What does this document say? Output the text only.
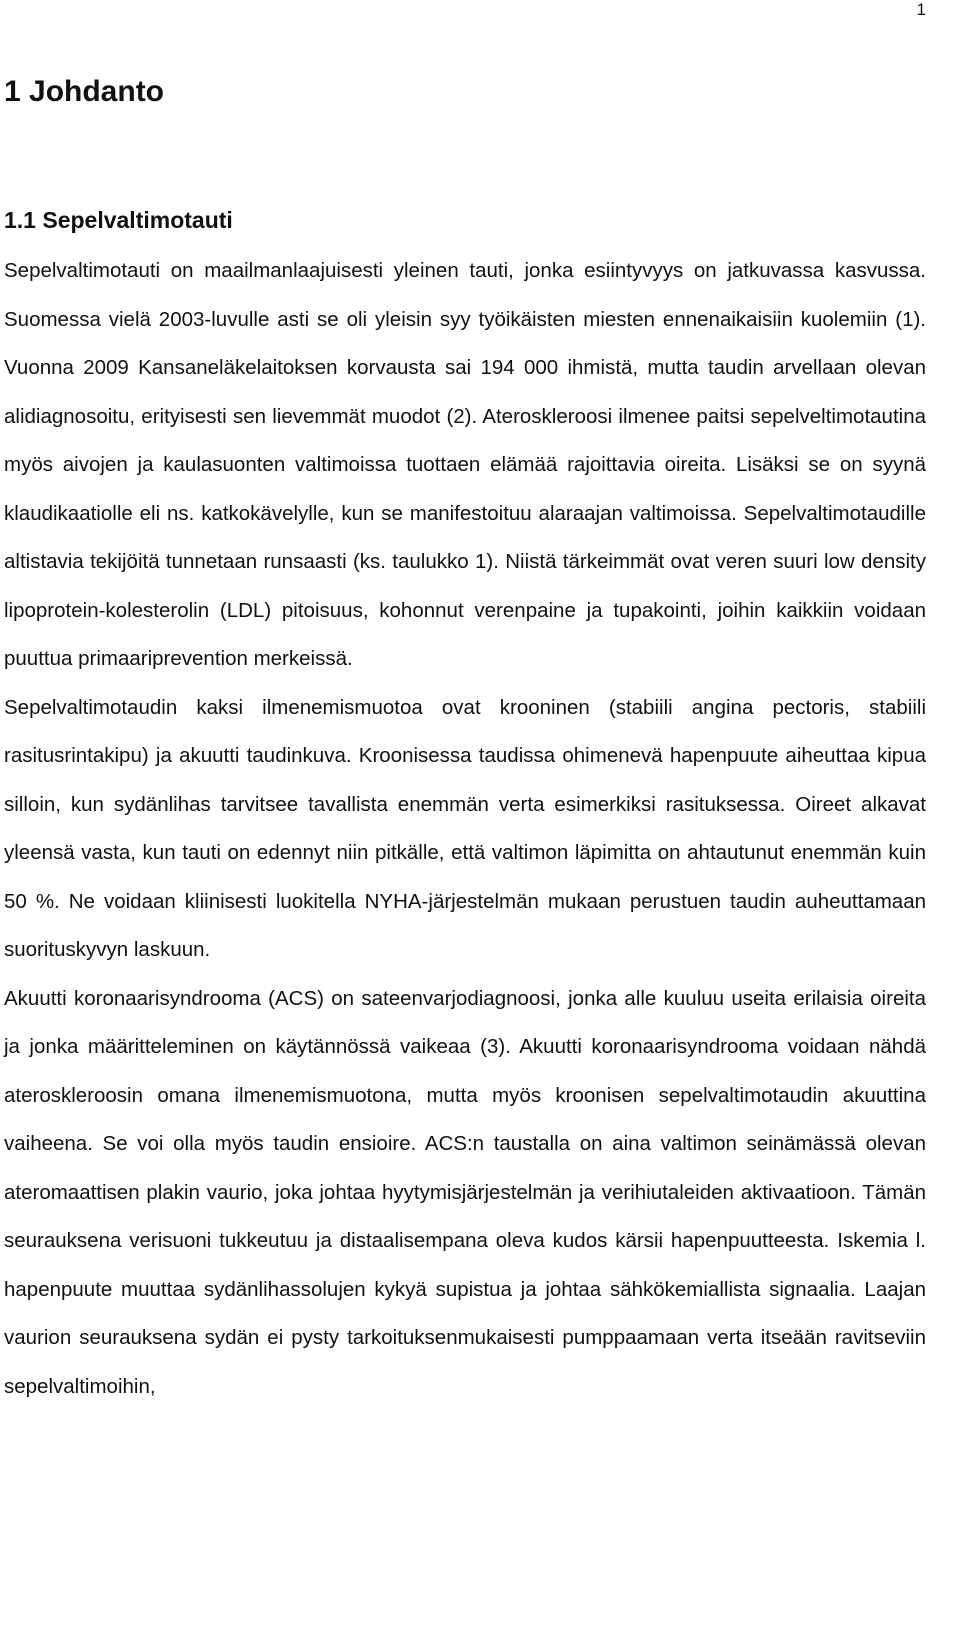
1
1 Johdanto
1.1 Sepelvaltimotauti

Sepelvaltimotauti on maailmanlaajuisesti yleinen tauti, jonka esiintyvyys on jatkuvassa kasvussa. Suomessa vielä 2003-luvulle asti se oli yleisin syy työikäisten miesten ennenaikaisiin kuolemiin (1). Vuonna 2009 Kansaneläkelaitoksen korvausta sai 194 000 ihmistä, mutta taudin arvellaan olevan alidiagnosoitu, erityisesti sen lievemmät muodot (2). Ateroskleroosi ilmenee paitsi sepelveltimotautina myös aivojen ja kaulasuonten valtimoissa tuottaen elämää rajoittavia oireita. Lisäksi se on syynä klaudikaatiolle eli ns. katkokävelylle, kun se manifestoituu alaraajan valtimoissa. Sepelvaltimotaudille altistavia tekijöitä tunnetaan runsaasti (ks. taulukko 1). Niistä tärkeimmät ovat veren suuri low density lipoprotein-kolesterolin (LDL) pitoisuus, kohonnut verenpaine ja tupakointi, joihin kaikkiin voidaan puuttua primaariprevention merkeissä.

Sepelvaltimotaudin kaksi ilmenemismuotoa ovat krooninen (stabiili angina pectoris, stabiili rasitusrintakipu) ja akuutti taudinkuva. Kroonisessa taudissa ohimenevä hapenpuute aiheuttaa kipua silloin, kun sydänlihas tarvitsee tavallista enemmän verta esimerkiksi rasituksessa. Oireet alkavat yleensä vasta, kun tauti on edennyt niin pitkälle, että valtimon läpimitta on ahtautunut enemmän kuin 50 %. Ne voidaan kliinisesti luokitella NYHA-järjestelmän mukaan perustuen taudin auheuttamaan suorituskyvyn laskuun.

Akuutti koronaarisyndrooma (ACS) on sateenvarjodiagnoosi, jonka alle kuuluu useita erilaisia oireita ja jonka määritteleminen on käytännössä vaikeaa (3). Akuutti koronaarisyndrooma voidaan nähdä ateroskleroosin omana ilmenemismuotona, mutta myös kroonisen sepelvaltimotaudin akuuttina vaiheena. Se voi olla myös taudin ensioire. ACS:n taustalla on aina valtimon seinämässä olevan ateromaattisen plakin vaurio, joka johtaa hyytymisjärjestelmän ja verihiutaleiden aktivaatioon. Tämän seurauksena verisuoni tukkeutuu ja distaalisempana oleva kudos kärsii hapenpuutteesta. Iskemia l. hapenpuute muuttaa sydänlihassolujen kykyä supistua ja johtaa sähkökemiallista signaalia. Laajan vaurion seurauksena sydän ei pysty tarkoituksenmukaisesti pumppaamaan verta itseään ravitseviin sepelvaltimoihin,
